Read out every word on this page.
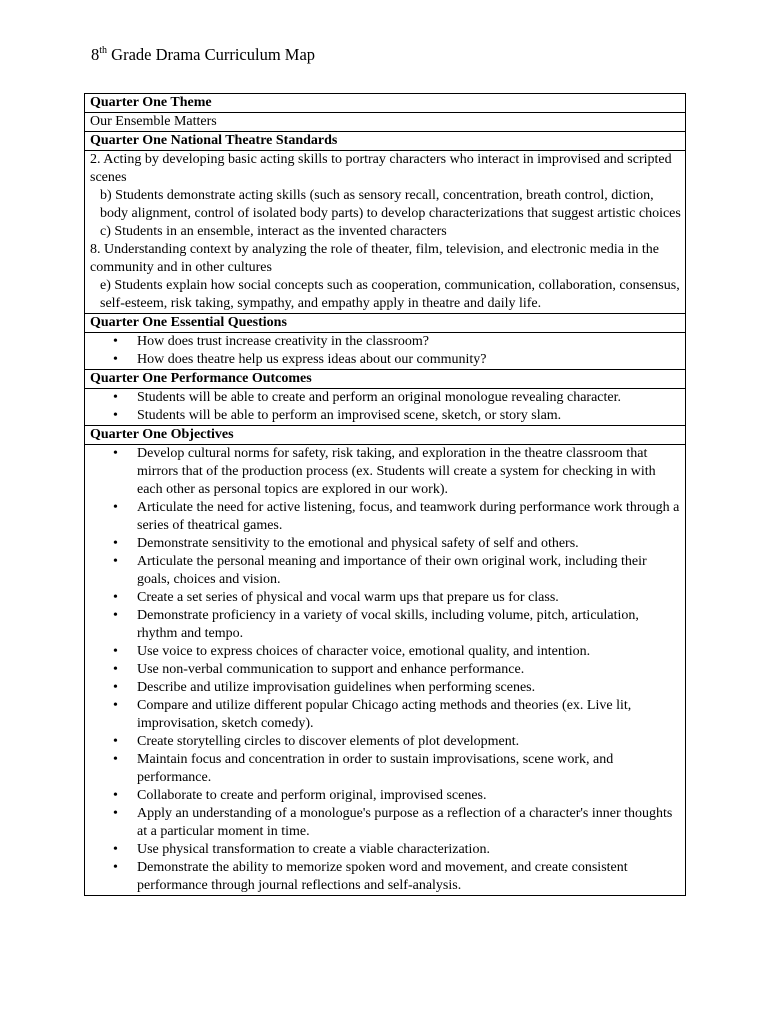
8th Grade Drama Curriculum Map
Quarter One Theme
Our Ensemble Matters
Quarter One National Theatre Standards

2. Acting by developing basic acting skills to portray characters who interact in improvised and scripted scenes
b) Students demonstrate acting skills (such as sensory recall, concentration, breath control, diction, body alignment, control of isolated body parts) to develop characterizations that suggest artistic choices
c) Students in an ensemble, interact as the invented characters
8. Understanding context by analyzing the role of theater, film, television, and electronic media in the community and in other cultures
e) Students explain how social concepts such as cooperation, communication, collaboration, consensus, self-esteem, risk taking, sympathy, and empathy apply in theatre and daily life.

Quarter One Essential Questions

• How does trust increase creativity in the classroom?
• How does theatre help us express ideas about our community?

Quarter One Performance Outcomes

• Students will be able to create and perform an original monologue revealing character.
• Students will be able to perform an improvised scene, sketch, or story slam.

Quarter One Objectives

• Develop cultural norms for safety, risk taking, and exploration in the theatre classroom that mirrors that of the production process (ex. Students will create a system for checking in with each other as personal topics are explored in our work).
• Articulate the need for active listening, focus, and teamwork during performance work through a series of theatrical games.
• Demonstrate sensitivity to the emotional and physical safety of self and others.
• Articulate the personal meaning and importance of their own original work, including their goals, choices and vision.
• Create a set series of physical and vocal warm ups that prepare us for class.
• Demonstrate proficiency in a variety of vocal skills, including volume, pitch, articulation, rhythm and tempo.
• Use voice to express choices of character voice, emotional quality, and intention.
• Use non-verbal communication to support and enhance performance.
• Describe and utilize improvisation guidelines when performing scenes.
• Compare and utilize different popular Chicago acting methods and theories (ex. Live lit, improvisation, sketch comedy).
• Create storytelling circles to discover elements of plot development.
• Maintain focus and concentration in order to sustain improvisations, scene work, and performance.
• Collaborate to create and perform original, improvised scenes.
• Apply an understanding of a monologue's purpose as a reflection of a character's inner thoughts at a particular moment in time.
• Use physical transformation to create a viable characterization.
• Demonstrate the ability to memorize spoken word and movement, and create consistent performance through journal reflections and self-analysis.
